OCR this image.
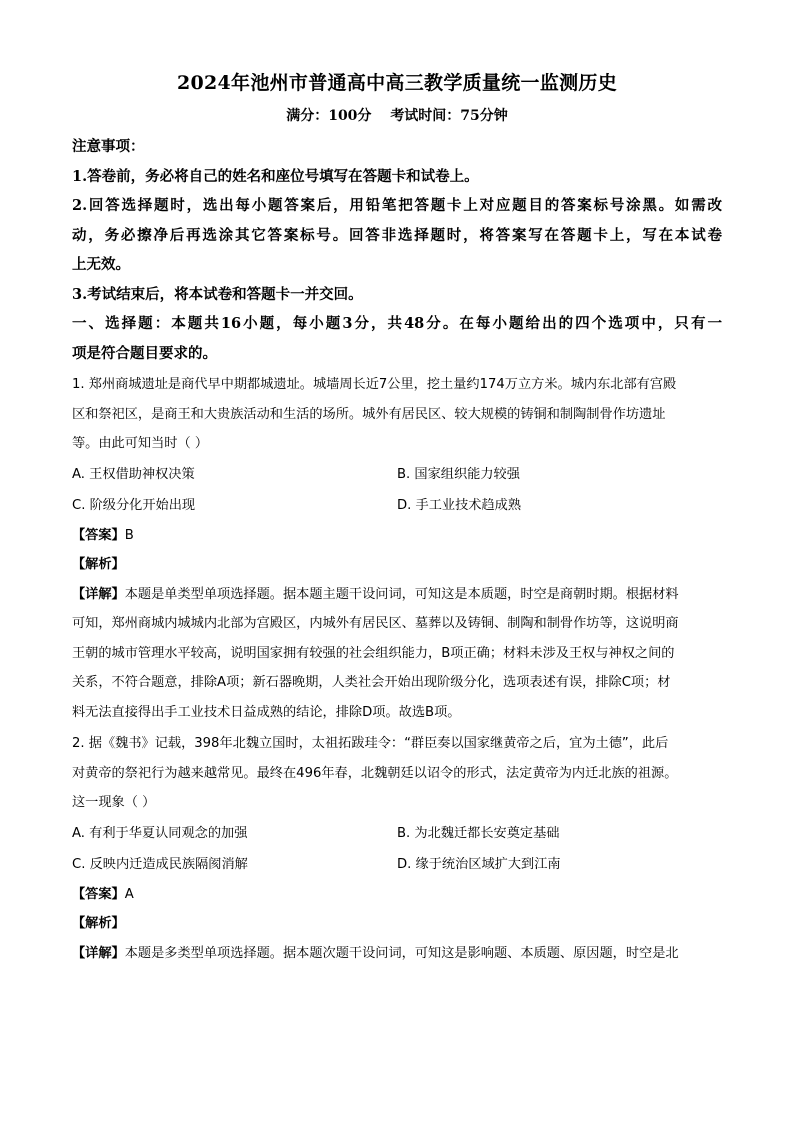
2024年池州市普通高中高三教学质量统一监测历史
满分：100分 考试时间：75分钟
注意事项：
1.答卷前，务必将自己的姓名和座位号填写在答题卡和试卷上。
2.回答选择题时，选出每小题答案后，用铅笔把答题卡上对应题目的答案标号涂黑。如需改
动，务必擦净后再选涂其它答案标号。回答非选择题时，将答案写在答题卡上，写在本试卷
上无效。
3.考试结束后，将本试卷和答题卡一并交回。
一、选择题：本题共16小题，每小题3分，共48分。在每小题给出的四个选项中，只有一
项是符合题目要求的。
1. 郑州商城遗址是商代早中期都城遗址。城墙周长近7公里，挖土量约174万立方米。城内东北部有宫殿
区和祭祀区，是商王和大贵族活动和生活的场所。城外有居民区、较大规模的铸铜和制陶制骨作坊遗址
等。由此可知当时（ ）
A. 王权借助神权决策	B. 国家组织能力较强
C. 阶级分化开始出现	D. 手工业技术趋成熟
【答案】B
【解析】
【详解】本题是单类型单项选择题。据本题主题干设问词，可知这是本质题，时空是商朝时期。根据材料
可知，郑州商城内城城内北部为宫殿区，内城外有居民区、墓葬以及铸铜、制陶和制骨作坊等，这说明商
王朝的城市管理水平较高，说明国家拥有较强的社会组织能力，B项正确；材料未涉及王权与神权之间的
关系，不符合题意，排除A项；新石器晚期，人类社会开始出现阶级分化，选项表述有误，排除C项；材
料无法直接得出手工业技术日益成熟的结论，排除D项。故选B项。
2. 据《魏书》记载，398年北魏立国时，太祖拓跋珪令：“群臣奏以国家继黄帝之后，宜为土德”，此后
对黄帝的祭祀行为越来越常见。最终在496年春，北魏朝廷以诏令的形式，法定黄帝为内迁北族的祖源。
这一现象（ ）
A. 有利于华夏认同观念的加强	B. 为北魏迁都长安奠定基础
C. 反映内迁造成民族隔阂消解	D. 缘于统治区域扩大到江南
【答案】A
【解析】
【详解】本题是多类型单项选择题。据本题次题干设问词，可知这是影响题、本质题、原因题，时空是北
